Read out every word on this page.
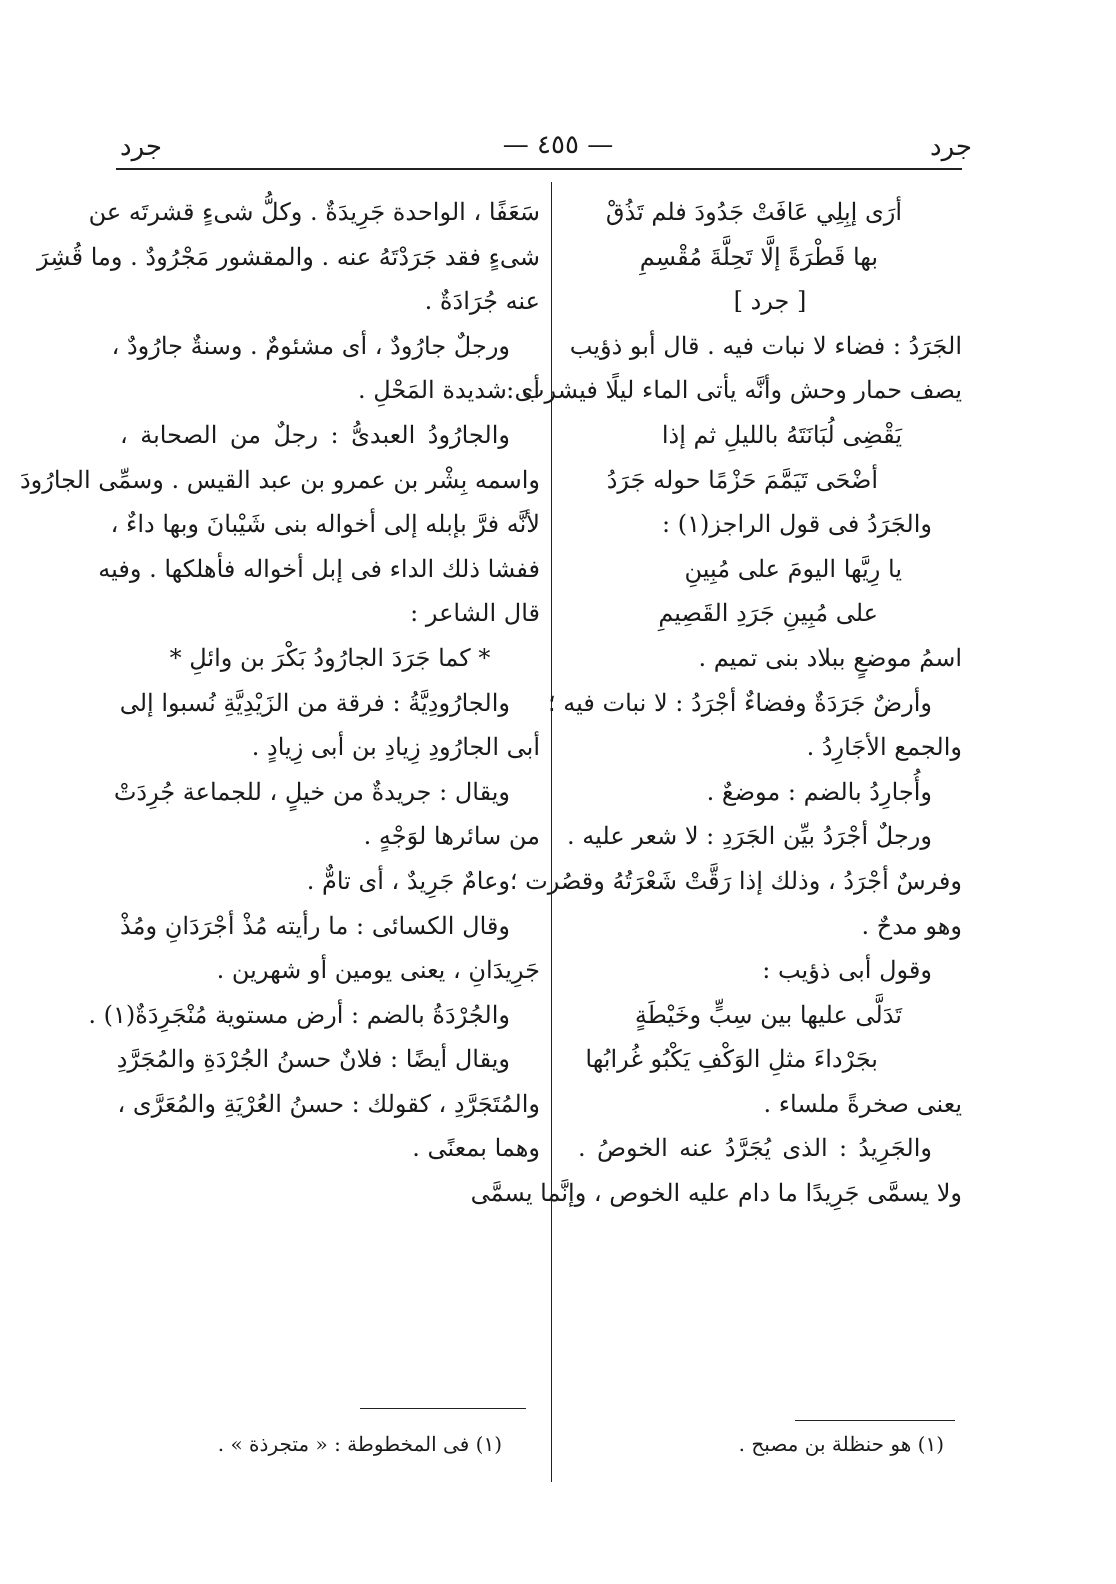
جرد	— ٤٥٥ —	جرد
أرَى إبِلِي عَافَتْ جَدُودَ فلم تَذُقْ
بها قَطْرَةً إلَّا تَحِلَّةَ مُقْسِمِ
[ جرد ]
الجَرَدُ : فضاء لا نبات فيه . قال أبو ذؤيب
يصف حمار وحش وأنَّه يأتى الماء ليلًا فيشرب :
يَقْضِى لُبَانَتَهُ بالليلِ ثم إذا
أضْحَى تَيَمَّمَ حَزْمًا حوله جَرَدُ
والجَرَدُ فى قول الراجز(١) :
يا رِيَّها اليومَ على مُبِينِ
على مُبِينِ جَرَدِ القَصِيمِ
اسمُ موضعٍ ببلاد بنى تميم .
وأرضٌ جَرَدَةٌ وفضاءٌ أجْرَدُ : لا نبات فيه ؛
والجمع الأجَارِدُ .
وأُجارِدُ بالضم : موضعٌ .
ورجلٌ أجْرَدُ بيِّن الجَرَدِ : لا شعر عليه .
وفرسٌ أجْرَدُ ، وذلك إذا رَقَّتْ شَعْرَتُهُ وقصُرت ؛
وهو مدحٌ .
وقول أبى ذؤيب :
تَدَلَّى عليها بين سِبٍّ وخَيْطَةٍ
بجَرْداءَ مثلِ الوَكْفِ يَكْبُو غُرابُها
يعنى صخرةً ملساء .
والجَرِيدُ : الذى يُجَرَّدُ عنه الخوصُ .
ولا يسمَّى جَرِيدًا ما دام عليه الخوص ، وإنَّما يسمَّى
سَعَفًا ، الواحدة جَرِيدَةٌ . وكلُّ شىءٍ قشرتَه عن
شىءٍ فقد جَرَدْتَهُ عنه . والمقشور مَجْرُودٌ . وما قُشِرَ
عنه جُرَادَةٌ .
ورجلٌ جارُودٌ ، أى مشئومٌ . وسنةٌ جارُودٌ ،
أى شديدة المَحْلِ .
والجارُودُ العبدىُّ : رجلٌ من الصحابة ،
واسمه بِشْر بن عمرو بن عبد القيس . وسمِّى الجارُودَ
لأنَّه فرَّ بإبله إلى أخواله بنى شَيْبانَ وبها داءٌ ،
ففشا ذلك الداء فى إبل أخواله فأهلكها . وفيه
قال الشاعر :
* كما جَرَدَ الجارُودُ بَكْرَ بن وائلِ *
والجارُودِيَّةُ : فرقة من الزَيْدِيَّةِ نُسبوا إلى
أبى الجارُودِ زِيادِ بن أبى زِيادٍ .
ويقال : جريدةٌ من خيلٍ ، للجماعة جُرِدَتْ
من سائرها لوَجْهٍ .
وعامٌ جَرِيدٌ ، أى تامٌّ .
وقال الكسائى : ما رأيته مُذْ أجْرَدَانِ ومُذْ
جَرِيدَانِ ، يعنى يومين أو شهرين .
والجُرْدَةُ بالضم : أرض مستوية مُنْجَرِدَةٌ(١) .
ويقال أيضًا : فلانٌ حسنُ الجُرْدَةِ والمُجَرَّدِ
والمُتَجَرَّدِ ، كقولك : حسنُ العُرْيَةِ والمُعَرَّى ،
وهما بمعنًى .
(١) هو حنظلة بن مصبح .
(١) فى المخطوطة : « متجرذة » .
